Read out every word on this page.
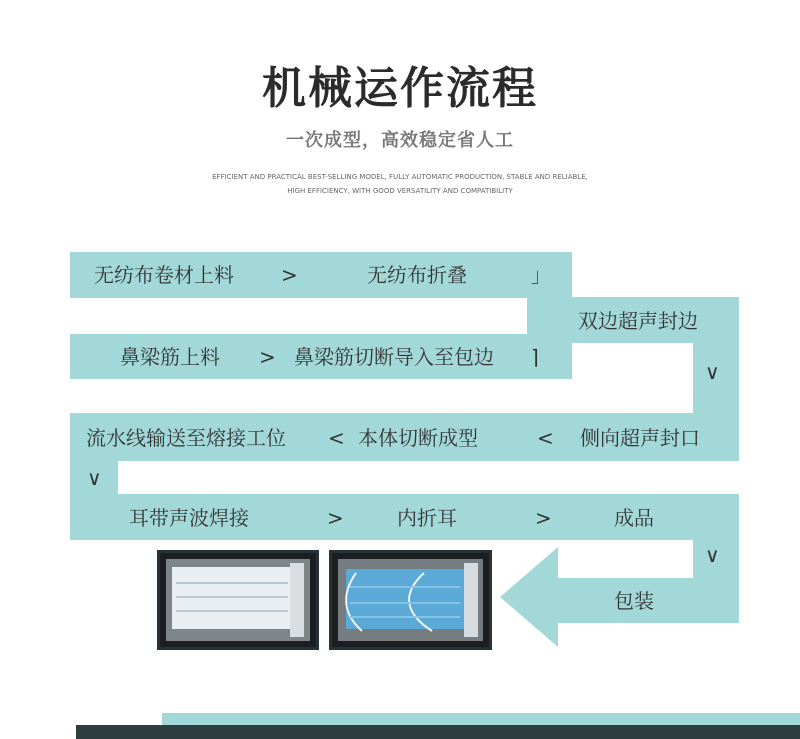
机械运作流程
一次成型，高效稳定省人工
EFFICIENT AND PRACTICAL BEST-SELLING MODEL, FULLY AUTOMATIC PRODUCTION, STABLE AND RELIABLE,
HIGH EFFICIENCY, WITH GOOD VERSATILITY AND COMPATIBILITY
无纺布卷材上料 >	无纺布折叠	」
双边超声封边
∨
鼻梁筋上料 > 鼻梁筋切断导入至包边 ⌉
流水线输送至熔接工位 < 本体切断成型	< 侧向超声封口
∨
耳带声波焊接	>	内折耳	>	成品
∨
包装
